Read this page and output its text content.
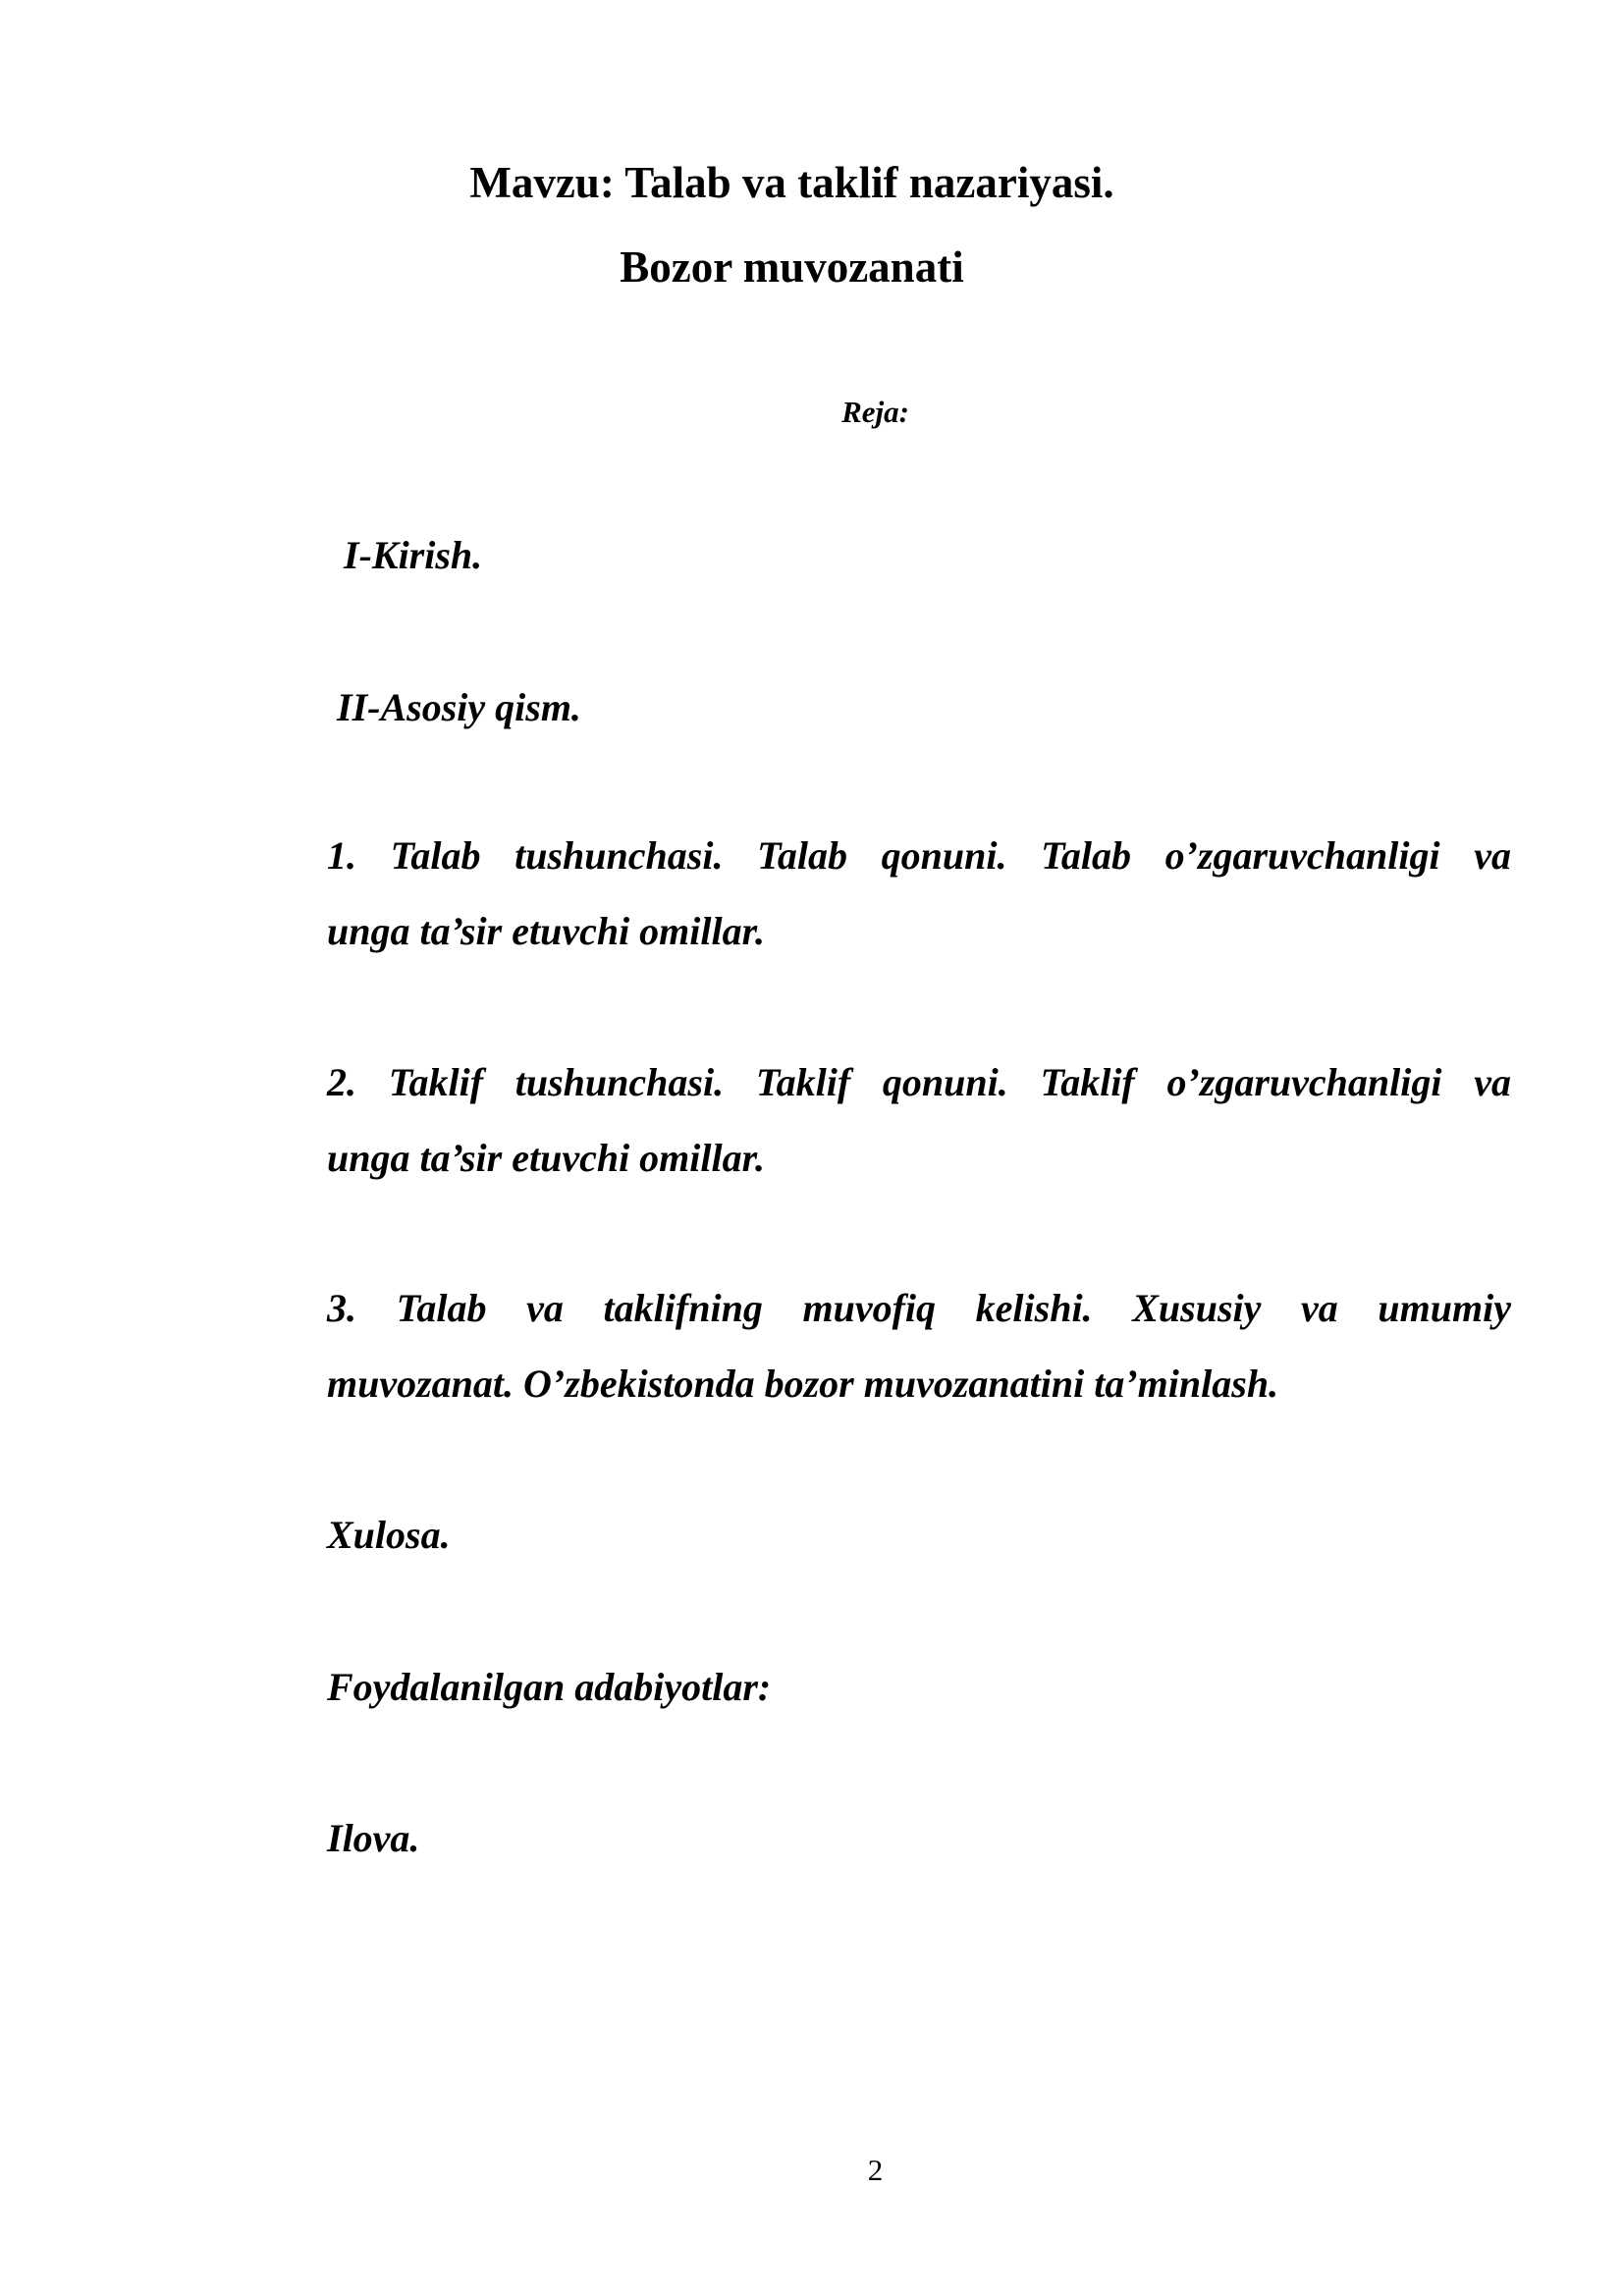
Mavzu: Talab va taklif nazariyasi.
Bozor muvozanati

Reja:

I-Kirish.

II-Asosiy qism.

1. Talab tushunchasi. Talab qonuni. Talab o’zgaruvchanligi va
unga ta’sir etuvchi omillar.
2. Taklif tushunchasi. Taklif qonuni. Taklif o’zgaruvchanligi va
unga ta’sir etuvchi omillar.
3. Talab va taklifning muvofiq kelishi. Xususiy va umumiy
muvozanat. O’zbekistonda bozor muvozanatini ta’minlash.

Xulosa.

Foydalanilgan adabiyotlar:

Ilova.

2
